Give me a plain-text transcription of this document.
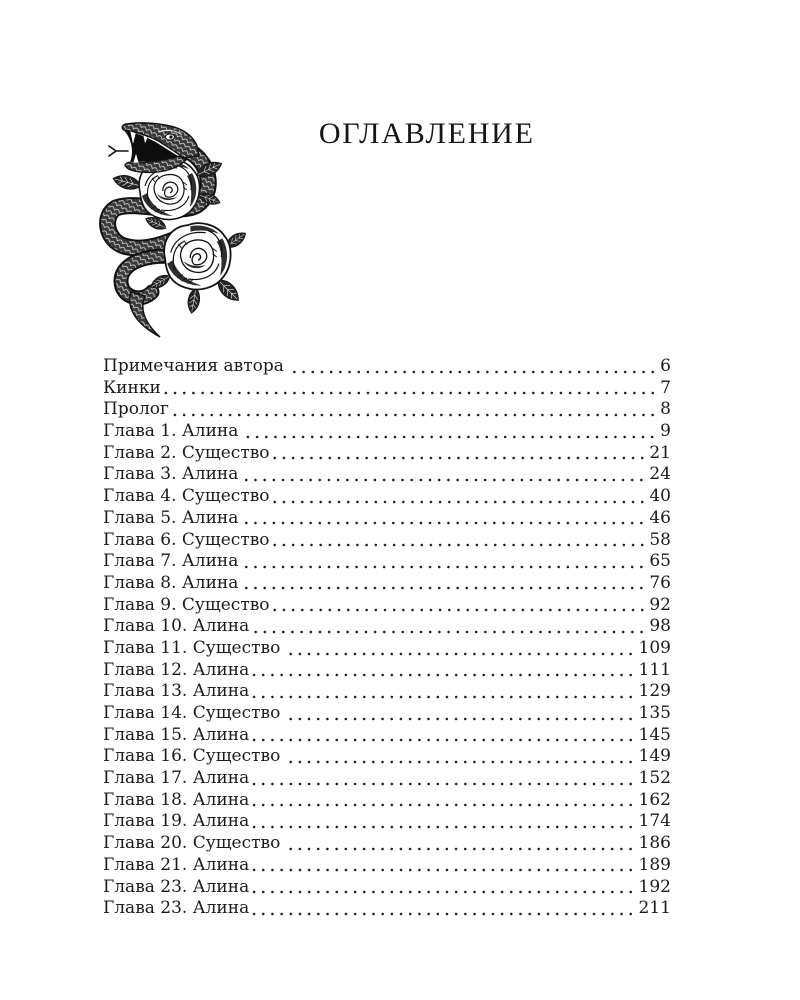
ОГЛАВЛЕНИЕ
Примечания автора	6
Кинки	7
Пролог	8
Глава 1. Алина	9
Глава 2. Существо	21
Глава 3. Алина	24
Глава 4. Существо	40
Глава 5. Алина	46
Глава 6. Существо	58
Глава 7. Алина	65
Глава 8. Алина	76
Глава 9. Существо	92
Глава 10. Алина	98
Глава 11. Существо	109
Глава 12. Алина	111
Глава 13. Алина	129
Глава 14. Существо	135
Глава 15. Алина	145
Глава 16. Существо	149
Глава 17. Алина	152
Глава 18. Алина	162
Глава 19. Алина	174
Глава 20. Существо	186
Глава 21. Алина	189
Глава 23. Алина	192
Глава 23. Алина	211
